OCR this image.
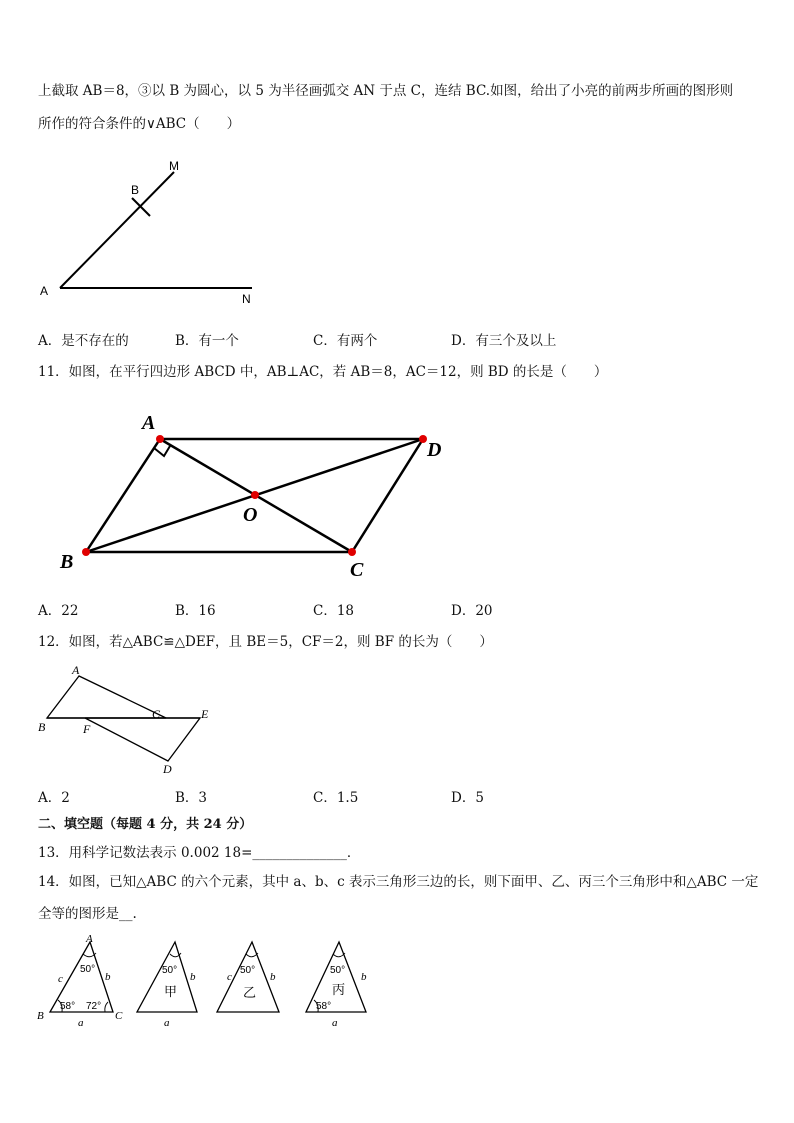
上截取 AB＝8，③以 B 为圆心，以 5 为半径画弧交 AN 于点 C，连结 BC.如图，给出了小亮的前两步所画的图形则
所作的符合条件的∨ABC（　　）
M
B
A
N
A．是不存在的	B．有一个	C．有两个	D．有三个及以上
11．如图，在平行四边形 ABCD 中，AB⊥AC，若 AB＝8，AC＝12，则 BD 的长是（　　）
A
D
C
B
O
A．22	B．16	C．18	D．20
12．如图，若△ABC≌△DEF，且 BE＝5，CF＝2，则 BF 的长为（　　）
A
B
C	E
F
D
A．2	B．3	C．1.5	D．5
二、填空题（每题 4 分，共 24 分）
13．用科学记数法表示 0.002 18=______________．
14．如图，已知△ABC 的六个元素，其中 a、b、c 表示三角形三边的长，则下面甲、乙、丙三个三角形中和△ABC 一定
全等的图形是__.
A
B	C
c	b
a
50°
58° 72°
50°
甲
b
a
50°
乙
c	b
50°
丙
58°
b
a
